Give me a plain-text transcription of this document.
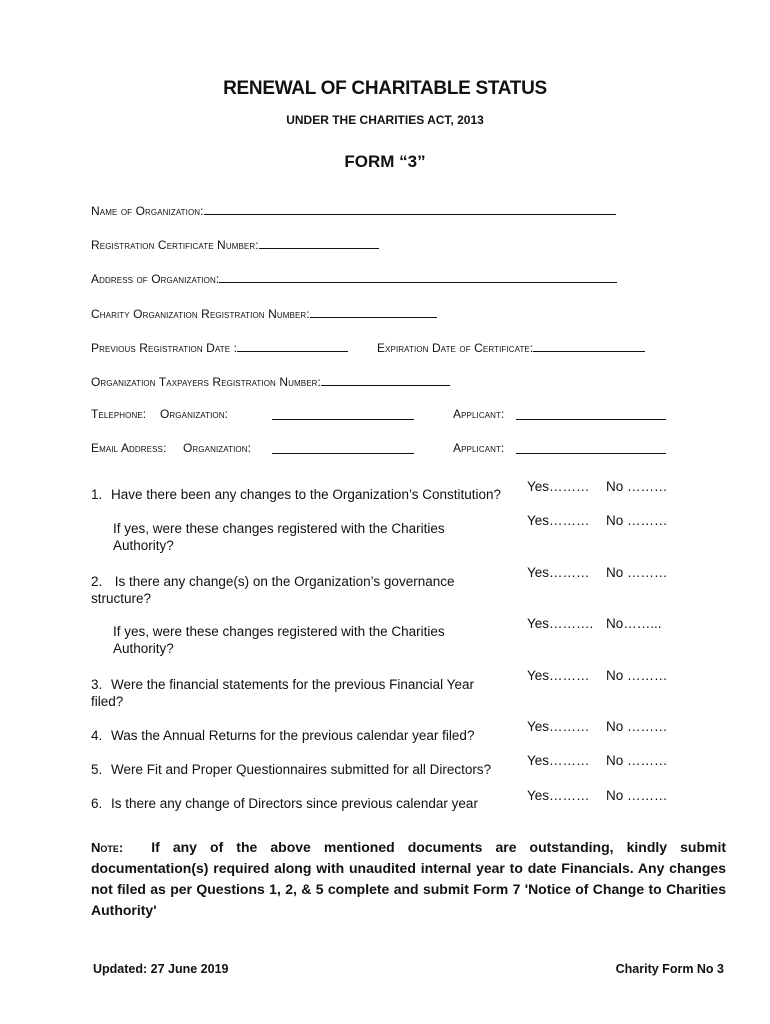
RENEWAL OF CHARITABLE STATUS
UNDER THE CHARITIES ACT, 2013
FORM “3”
Name of Organization:
Registration Certificate Number:
Address of Organization:
Charity Organization Registration Number:
Previous Registration Date :	Expiration Date of Certificate:
Organization Taxpayers Registration Number:
Telephone: Organization:	Applicant:
Email Address: Organization:	Applicant:
1. Have there been any changes to the Organization’s Constitution?
Yes……… No ………
If yes, were these changes registered with the Charities Authority?
Yes……… No ………
2. Is there any change(s) on the Organization’s governance structure?
Yes……… No ………
If yes, were these changes registered with the Charities Authority?
Yes………. No……...
3. Were the financial statements for the previous Financial Year filed?
Yes……… No ………
4. Was the Annual Returns for the previous calendar year filed?
Yes……… No ………
5. Were Fit and Proper Questionnaires submitted for all Directors?
Yes……… No ………
6. Is there any change of Directors since previous calendar year
Yes……… No ………
Note: If any of the above mentioned documents are outstanding, kindly submit documentation(s) required along with unaudited internal year to date Financials. Any changes not filed as per Questions 1, 2, & 5 complete and submit Form 7 'Notice of Change to Charities Authority'
Updated: 27 June 2019	Charity Form No 3
